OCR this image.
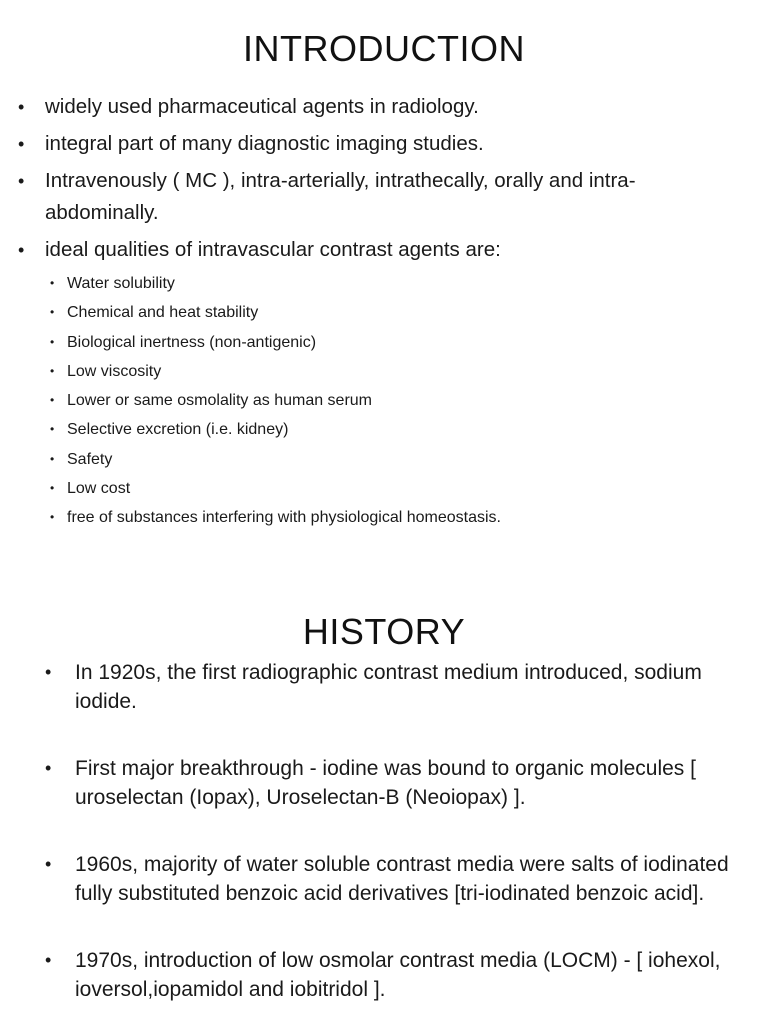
INTRODUCTION
• widely used pharmaceutical agents in radiology.
• integral part of many diagnostic imaging studies.
• Intravenously ( MC ), intra-arterially, intrathecally, orally and intra-abdominally.
• ideal qualities of intravascular contrast agents are:
• Water solubility
• Chemical and heat stability
• Biological inertness (non-antigenic)
• Low viscosity
• Lower or same osmolality as human serum
• Selective excretion (i.e. kidney)
• Safety
• Low cost
• free of substances interfering with physiological homeostasis.
HISTORY
• In 1920s, the first radiographic contrast medium introduced, sodium iodide.
• First major breakthrough - iodine was bound to organic molecules [ uroselectan (Iopax), Uroselectan-B (Neoiopax) ].
• 1960s, majority of water soluble contrast media were salts of iodinated fully substituted benzoic acid derivatives [tri-iodinated benzoic acid].
• 1970s, introduction of low osmolar contrast media (LOCM) - [ iohexol, ioversol,iopamidol and iobitridol ].
